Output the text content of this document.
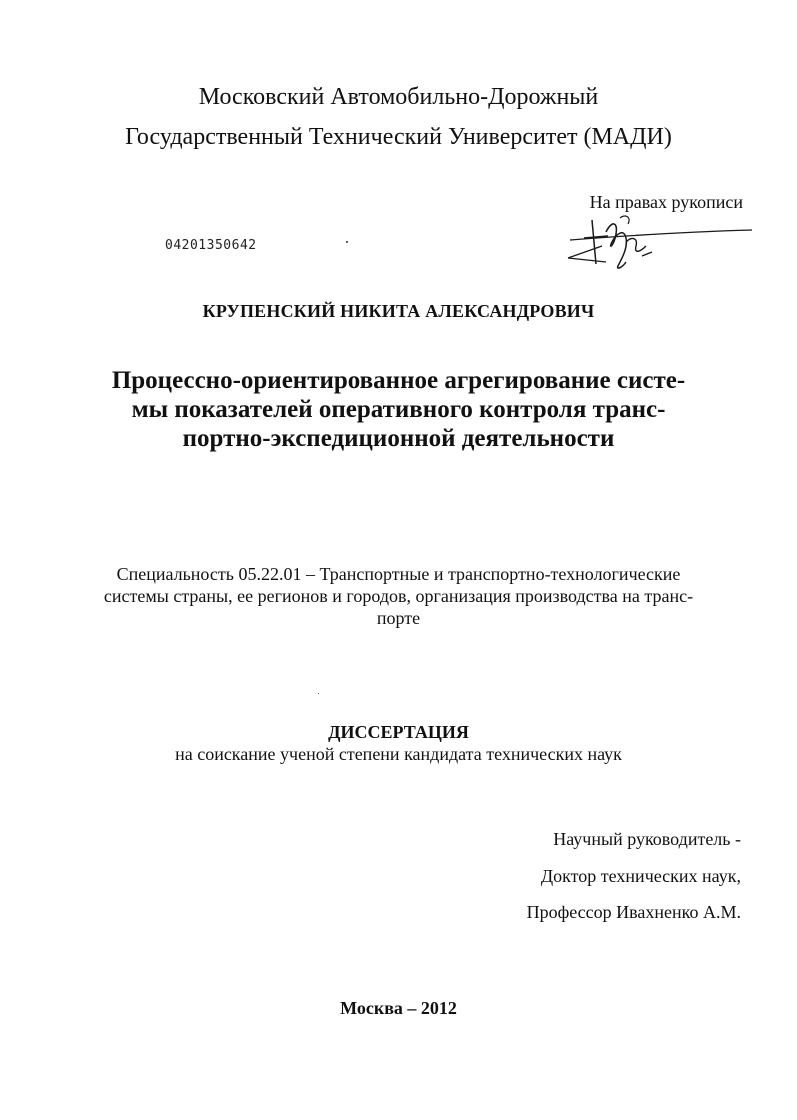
Московский Автомобильно-Дорожный
Государственный Технический Университет (МАДИ)
На правах рукописи
04201350642
КРУПЕНСКИЙ НИКИТА АЛЕКСАНДРОВИЧ
Процессно-ориентированное агрегирование систе-
мы показателей оперативного контроля транс-
портно-экспедиционной деятельности
Специальность 05.22.01 – Транспортные и транспортно-технологические
системы страны, ее регионов и городов, организация производства на транс-
порте
ДИССЕРТАЦИЯ
на соискание ученой степени кандидата технических наук
Научный руководитель -
Доктор технических наук,
Профессор Ивахненко А.М.
Москва – 2012
